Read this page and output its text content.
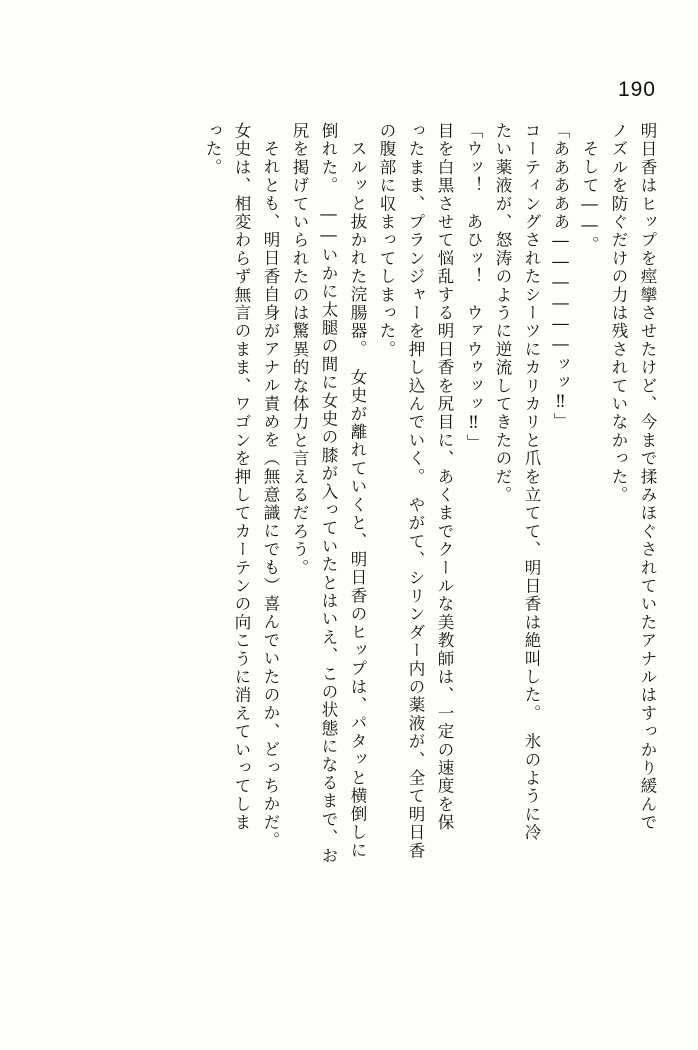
190
明日香はヒップを痙攣させたけど、今まで揉みほぐされていたアナルはすっかり緩んで
ノズルを防ぐだけの力は残されていなかった。
そして――。
「あああああ――――――ッッ‼」
コーティングされたシーツにカリカリと爪を立てて、明日香は絶叫した。　氷のように冷
たい薬液が、怒涛のように逆流してきたのだ。
「ウッ！　あひッ！　ウァウゥッッ‼」
目を白黒させて悩乱する明日香を尻目に、あくまでクールな美教師は、一定の速度を保
ったまま、プランジャーを押し込んでいく。　やがて、シリンダー内の薬液が、全て明日香
の腹部に収まってしまった。
スルッと抜かれた浣腸器。　女史が離れていくと、明日香のヒップは、パタッと横倒しに
倒れた。　――いかに太腿の間に女史の膝が入っていたとはいえ、この状態になるまで、お
尻を掲げていられたのは驚異的な体力と言えるだろう。
それとも、明日香自身がアナル責めを（無意識にでも）喜んでいたのか、どっちかだ。
女史は、相変わらず無言のまま、ワゴンを押してカーテンの向こうに消えていってしま
った。
